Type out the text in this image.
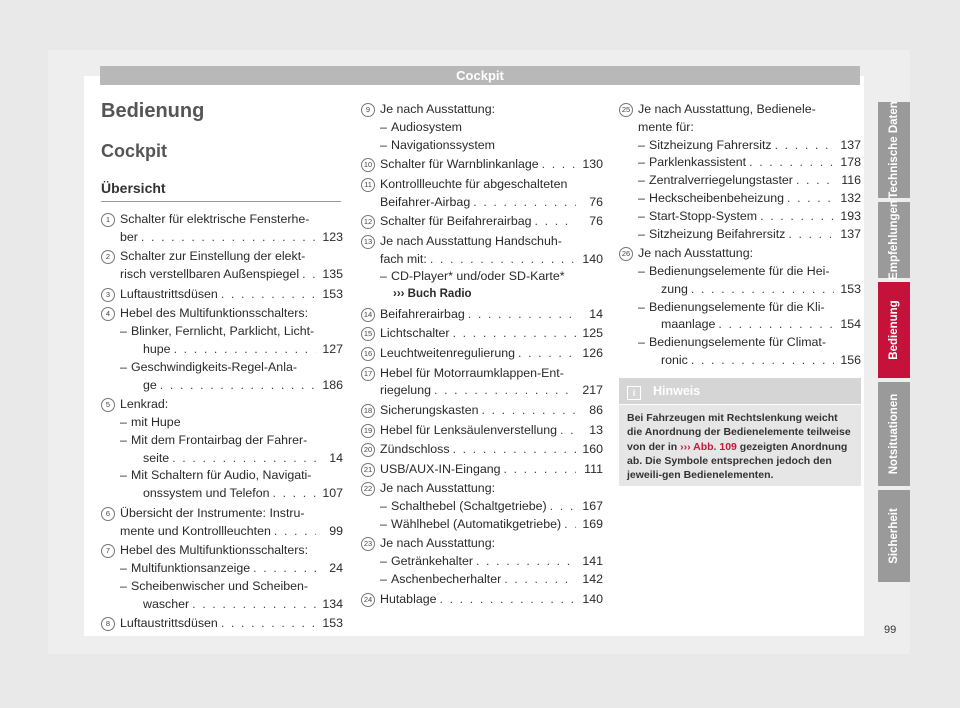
Cockpit
Bedienung
Cockpit
Übersicht
1 Schalter für elektrische Fensterhe-
ber . . .	123
2 Schalter zur Einstellung der elekt-
risch verstellbaren Außenspiegel . . . 135
3 Luftaustrittsdüsen . . .	153
4 Hebel des Multifunktionsschalters:
– Blinker, Fernlicht, Parklicht, Licht-
hupe . . .	127
– Geschwindigkeits-Regel-Anla-
ge . . .	186
5 Lenkrad:
– mit Hupe
– Mit dem Frontairbag der Fahrer-
seite . . .	14
– Mit Schaltern für Audio, Navigati-
onssystem und Telefon . . .	107
6 Übersicht der Instrumente: Instru-
mente und Kontrollleuchten . . .	99
7 Hebel des Multifunktionsschalters:
– Multifunktionsanzeige . . .	24
– Scheibenwischer und Scheiben-
wascher . . .	134
8 Luftaustrittsdüsen . . .	153
9 Je nach Ausstattung:
– Audiosystem
– Navigationssystem
10 Schalter für Warnblinkanlage . . .	130
11 Kontrollleuchte für abgeschalteten
Beifahrer-Airbag . . .	76
12 Schalter für Beifahrerairbag . . .	76
13 Je nach Ausstattung Handschuh-
fach mit: . . .	140
– CD-Player* und/oder SD-Karte*
››› Buch Radio
14 Beifahrerairbag . . .	14
15 Lichtschalter . . .	125
16 Leuchtweitenregulierung . . .	126
17 Hebel für Motorraumklappen-Ent-
riegelung . . .	217
18 Sicherungskasten . . .	86
19 Hebel für Lenksäulenverstellung . . .	13
20 Zündschloss . . .	160
21 USB/AUX-IN-Eingang . . .	111
22 Je nach Ausstattung:
– Schalthebel (Schaltgetriebe) . . .	167
– Wählhebel (Automatikgetriebe) . . . 169
23 Je nach Ausstattung:
– Getränkehalter . . .	141
– Aschenbecherhalter . . .	142
24 Hutablage . . .	140
25 Je nach Ausstattung, Bedienele-
mente für:
– Sitzheizung Fahrersitz . . .	137
– Parklenkassistent . . .	178
– Zentralverriegelungstaster . . .	116
– Heckscheibenbeheizung . . .	132
– Start-Stopp-System . . .	193
– Sitzheizung Beifahrersitz . . .	137
26 Je nach Ausstattung:
– Bedienungselemente für die Hei-
zung . . .	153
– Bedienungselemente für die Kli-
maanlage . . .	154
– Bedienungselemente für Climat-
ronic . . .	156
i Hinweis
Bei Fahrzeugen mit Rechtslenkung weicht die Anordnung der Bedienelemente teilweise von der in ››› Abb. 109 gezeigten Anordnung ab. Die Symbole entsprechen jedoch den jeweili-gen Bedienelementen.
Technische Daten
Empfehlungen
Bedienung
Notsituationen
Sicherheit
99
